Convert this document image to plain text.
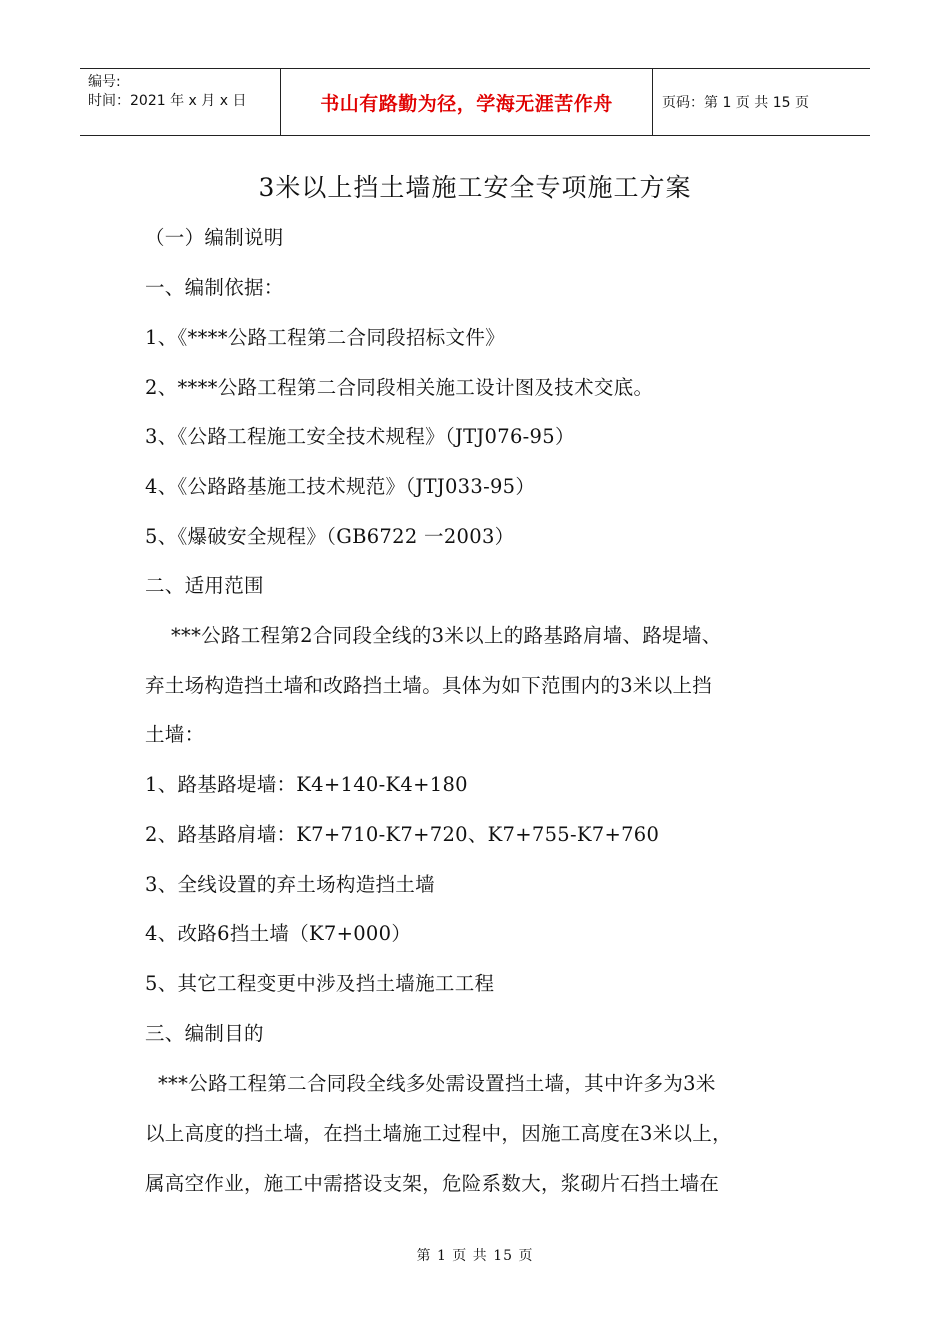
编号:
时间：2021 年 x 月 x 日	书山有路勤为径，学海无涯苦作舟	页码：第 1 页 共 15 页
3米以上挡土墙施工安全专项施工方案
（一）编制说明
一、编制依据：
1、《****公路工程第二合同段招标文件》
2、****公路工程第二合同段相关施工设计图及技术交底。
3、《公路工程施工安全技术规程》（JTJ076-95）
4、《公路路基施工技术规范》（JTJ033-95）
5、《爆破安全规程》（GB6722 一2003）
二、适用范围
***公路工程第2合同段全线的3米以上的路基路肩墙、路堤墙、
弃土场构造挡土墙和改路挡土墙。具体为如下范围内的3米以上挡
土墙：
1、路基路堤墙：K4+140-K4+180
2、路基路肩墙：K7+710-K7+720、K7+755-K7+760
3、全线设置的弃土场构造挡土墙
4、改路6挡土墙（K7+000）
5、其它工程变更中涉及挡土墙施工工程
三、编制目的
***公路工程第二合同段全线多处需设置挡土墙，其中许多为3米
以上高度的挡土墙，在挡土墙施工过程中，因施工高度在3米以上，
属高空作业，施工中需搭设支架，危险系数大，浆砌片石挡土墙在
第 1 页 共 15 页
